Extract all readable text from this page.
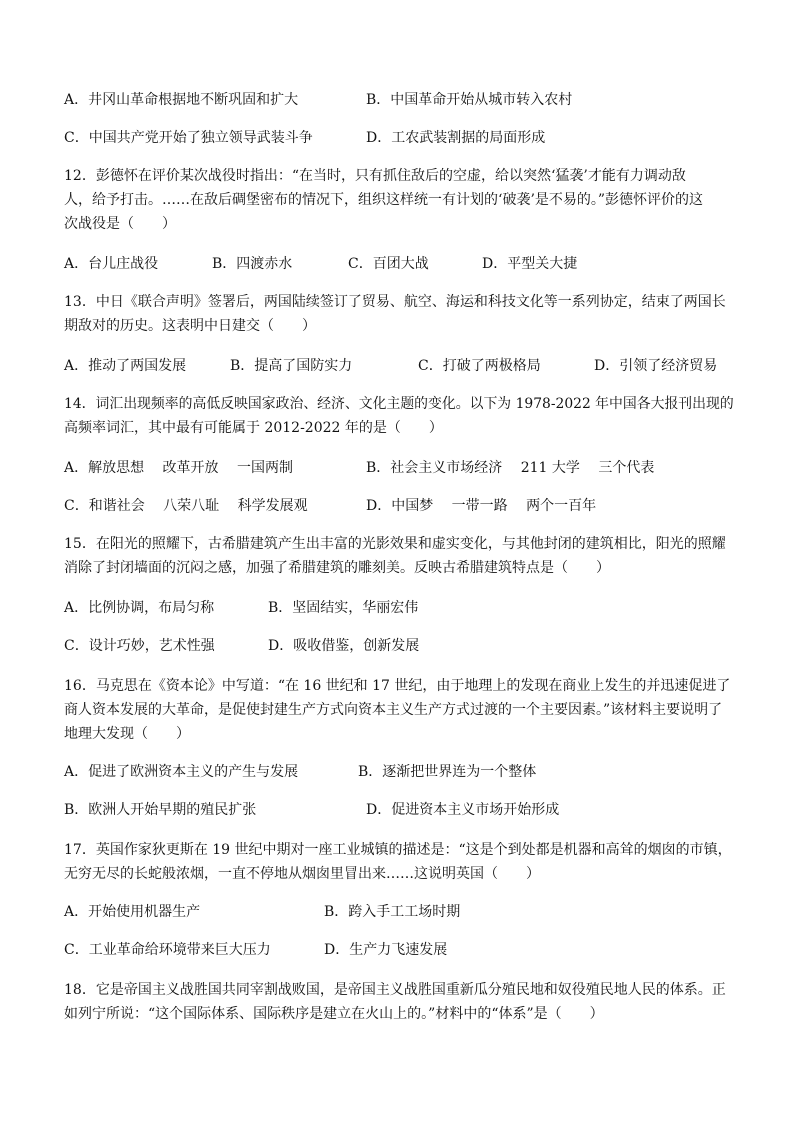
A．井冈山革命根据地不断巩固和扩大	B．中国革命开始从城市转入农村
C．中国共产党开始了独立领导武装斗争	D．工农武装割据的局面形成
12．彭德怀在评价某次战役时指出：“在当时，只有抓住敌后的空虚，给以突然‘猛袭’才能有力调动敌
人，给予打击。……在敌后碉堡密布的情况下，组织这样统一有计划的‘破袭’是不易的。”彭德怀评价的这
次战役是（　　）
A．台儿庄战役	B．四渡赤水	C．百团大战	D．平型关大捷
13．中日《联合声明》签署后，两国陆续签订了贸易、航空、海运和科技文化等一系列协定，结束了两国长
期敌对的历史。这表明中日建交（　　）
A．推动了两国发展	B．提高了国防实力	C．打破了两极格局	D．引领了经济贸易
14．词汇出现频率的高低反映国家政治、经济、文化主题的变化。以下为 1978-2022 年中国各大报刊出现的
高频率词汇，其中最有可能属于 2012-2022 年的是（　　）
A．解放思想　 改革开放　 一国两制	B．社会主义市场经济　 211 大学　 三个代表
C．和谐社会　 八荣八耻　 科学发展观	D．中国梦　 一带一路　 两个一百年
15．在阳光的照耀下，古希腊建筑产生出丰富的光影效果和虚实变化，与其他封闭的建筑相比，阳光的照耀
消除了封闭墙面的沉闷之感，加强了希腊建筑的雕刻美。反映古希腊建筑特点是（　　）
A．比例协调，布局匀称	B．坚固结实，华丽宏伟
C．设计巧妙，艺术性强	D．吸收借鉴，创新发展
16．马克思在《资本论》中写道：“在 16 世纪和 17 世纪，由于地理上的发现在商业上发生的并迅速促进了
商人资本发展的大革命，是促使封建生产方式向资本主义生产方式过渡的一个主要因素。”该材料主要说明了
地理大发现（　　）
A．促进了欧洲资本主义的产生与发展	B．逐渐把世界连为一个整体
B．欧洲人开始早期的殖民扩张	D．促进资本主义市场开始形成
17．英国作家狄更斯在 19 世纪中期对一座工业城镇的描述是：“这是个到处都是机器和高耸的烟囱的市镇，
无穷无尽的长蛇般浓烟，一直不停地从烟囱里冒出来……这说明英国（　　）
A．开始使用机器生产	B．跨入手工工场时期
C．工业革命给环境带来巨大压力	D．生产力飞速发展
18．它是帝国主义战胜国共同宰割战败国，是帝国主义战胜国重新瓜分殖民地和奴役殖民地人民的体系。正
如列宁所说：“这个国际体系、国际秩序是建立在火山上的。”材料中的“体系”是（　　）
